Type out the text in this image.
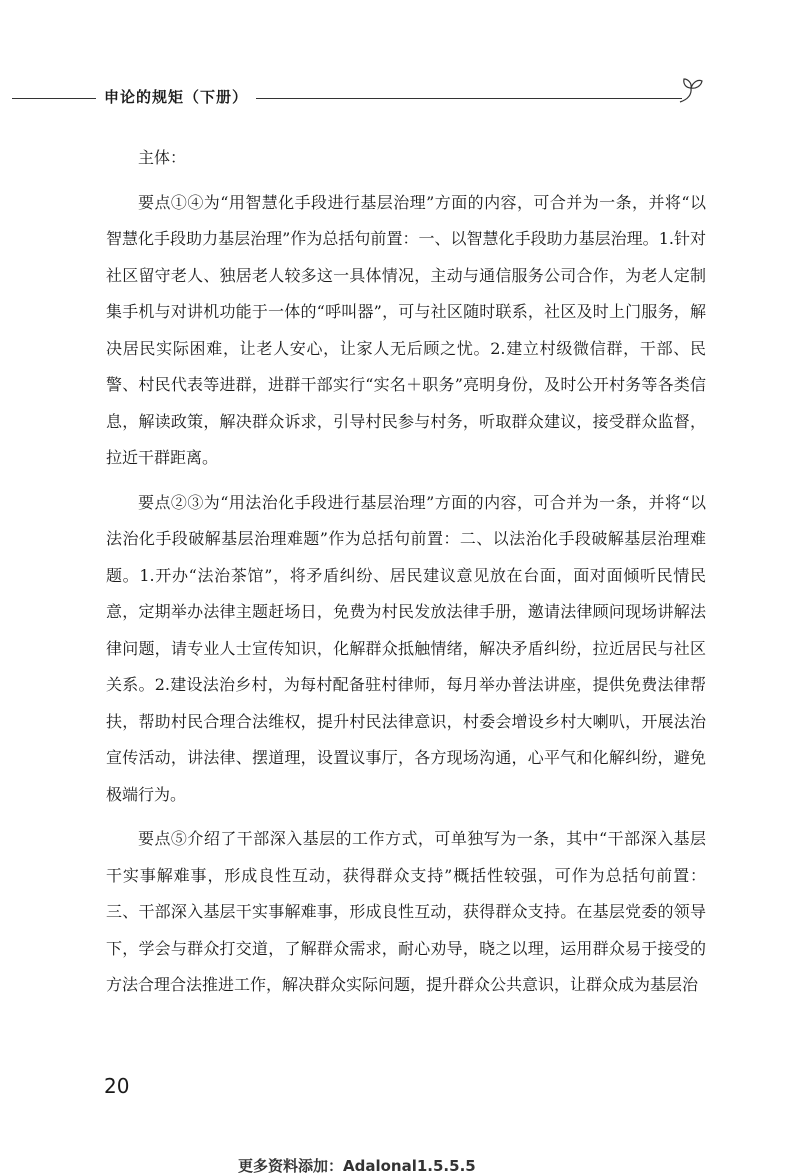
申论的规矩（下册）

主体：

要点①④为“用智慧化手段进行基层治理”方面的内容，可合并为一条，并将“以智慧化手段助力基层治理”作为总括句前置：一、以智慧化手段助力基层治理。1.针对社区留守老人、独居老人较多这一具体情况，主动与通信服务公司合作，为老人定制集手机与对讲机功能于一体的“呼叫器”，可与社区随时联系，社区及时上门服务，解决居民实际困难，让老人安心，让家人无后顾之忧。2.建立村级微信群，干部、民警、村民代表等进群，进群干部实行“实名＋职务”亮明身份，及时公开村务等各类信息，解读政策，解决群众诉求，引导村民参与村务，听取群众建议，接受群众监督，拉近干群距离。

要点②③为“用法治化手段进行基层治理”方面的内容，可合并为一条，并将“以法治化手段破解基层治理难题”作为总括句前置：二、以法治化手段破解基层治理难题。1.开办“法治茶馆”，将矛盾纠纷、居民建议意见放在台面，面对面倾听民情民意，定期举办法律主题赶场日，免费为村民发放法律手册，邀请法律顾问现场讲解法律问题，请专业人士宣传知识，化解群众抵触情绪，解决矛盾纠纷，拉近居民与社区关系。2.建设法治乡村，为每村配备驻村律师，每月举办普法讲座，提供免费法律帮扶，帮助村民合理合法维权，提升村民法律意识，村委会增设乡村大喇叭，开展法治宣传活动，讲法律、摆道理，设置议事厅，各方现场沟通，心平气和化解纠纷，避免极端行为。

要点⑤介绍了干部深入基层的工作方式，可单独写为一条，其中“干部深入基层干实事解难事，形成良性互动，获得群众支持”概括性较强，可作为总括句前置：三、干部深入基层干实事解难事，形成良性互动，获得群众支持。在基层党委的领导下，学会与群众打交道，了解群众需求，耐心劝导，晓之以理，运用群众易于接受的方法合理合法推进工作，解决群众实际问题，提升群众公共意识，让群众成为基层治

20
更多资料添加：Adalonal1.5.5.5
